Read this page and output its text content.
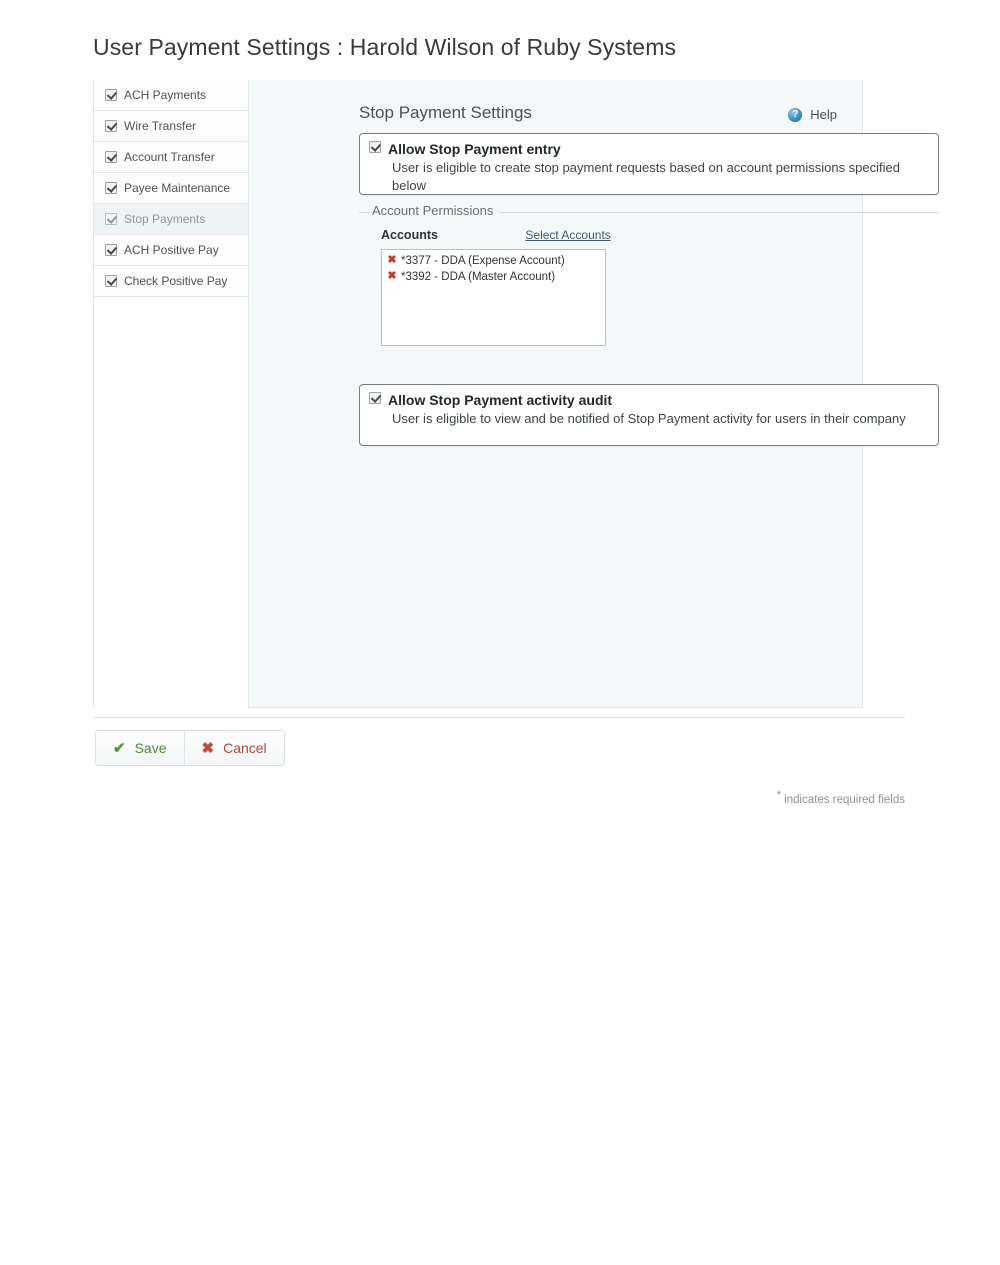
User Payment Settings : Harold Wilson of Ruby Systems
ACH Payments
Wire Transfer
Account Transfer
Payee Maintenance
Stop Payments
ACH Positive Pay
Check Positive Pay
Stop Payment Settings	? Help
Allow Stop Payment entry
User is eligible to create stop payment requests based on account permissions specified below
Account Permissions
Accounts	Select Accounts
✖ *3377 - DDA (Expense Account)
✖ *3392 - DDA (Master Account)
Allow Stop Payment activity audit
User is eligible to view and be notified of Stop Payment activity for users in their company
✔ Save ✖ Cancel
* indicates required fields
